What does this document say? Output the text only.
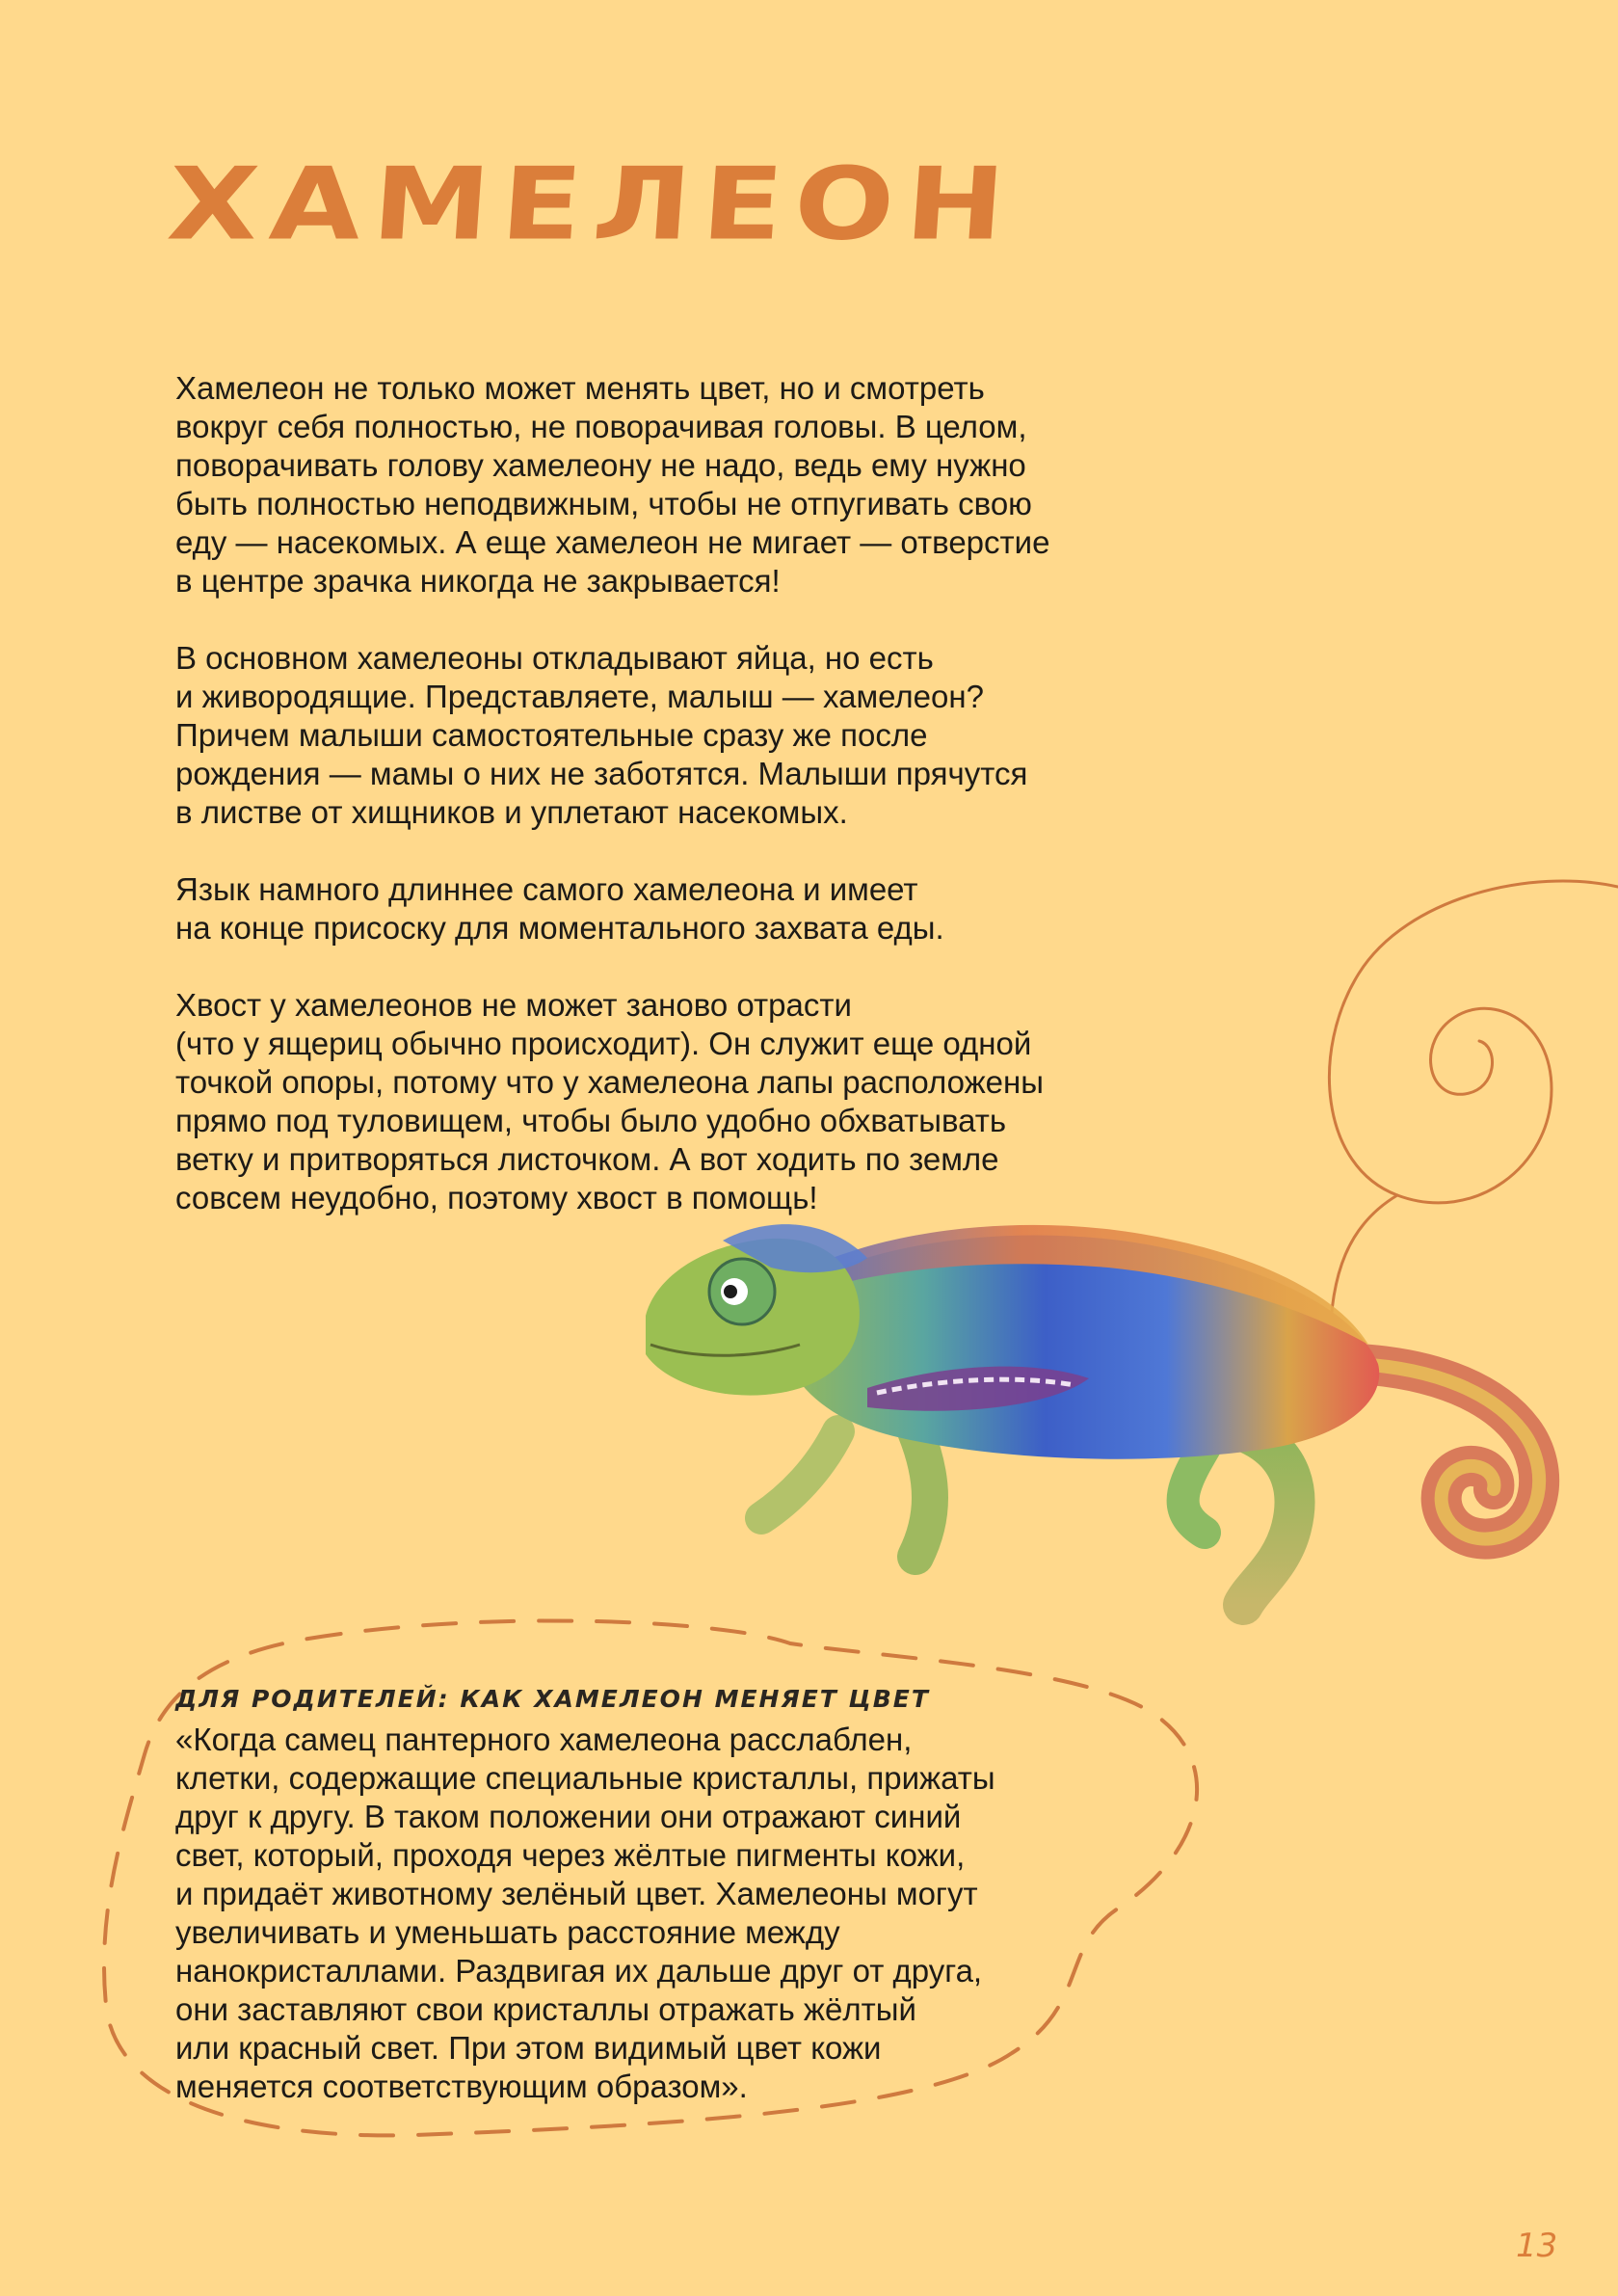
ХАМЕЛЕОН

Хамелеон не только может менять цвет, но и смотреть
вокруг себя полностью, не поворачивая головы. В целом,
поворачивать голову хамелеону не надо, ведь ему нужно
быть полностью неподвижным, чтобы не отпугивать свою
еду — насекомых. А еще хамелеон не мигает — отверстие
в центре зрачка никогда не закрывается!

В основном хамелеоны откладывают яйца, но есть
и живородящие. Представляете, малыш — хамелеон?
Причем малыши самостоятельные сразу же после
рождения — мамы о них не заботятся. Малыши прячутся
в листве от хищников и уплетают насекомых.

Язык намного длиннее самого хамелеона и имеет
на конце присоску для моментального захвата еды.

Хвост у хамелеонов не может заново отрасти
(что у ящериц обычно происходит). Он служит еще одной
точкой опоры, потому что у хамелеона лапы расположены
прямо под туловищем, чтобы было удобно обхватывать
ветку и притворяться листочком. А вот ходить по земле
совсем неудобно, поэтому хвост в помощь!

ДЛЯ РОДИТЕЛЕЙ: КАК ХАМЕЛЕОН МЕНЯЕТ ЦВЕТ
«Когда самец пантерного хамелеона расслаблен,
клетки, содержащие специальные кристаллы, прижаты
друг к другу. В таком положении они отражают синий
свет, который, проходя через жёлтые пигменты кожи,
и придаёт животному зелёный цвет. Хамелеоны могут
увеличивать и уменьшать расстояние между
нанокристаллами. Раздвигая их дальше друг от друга,
они заставляют свои кристаллы отражать жёлтый
или красный свет. При этом видимый цвет кожи
меняется соответствующим образом».
13
